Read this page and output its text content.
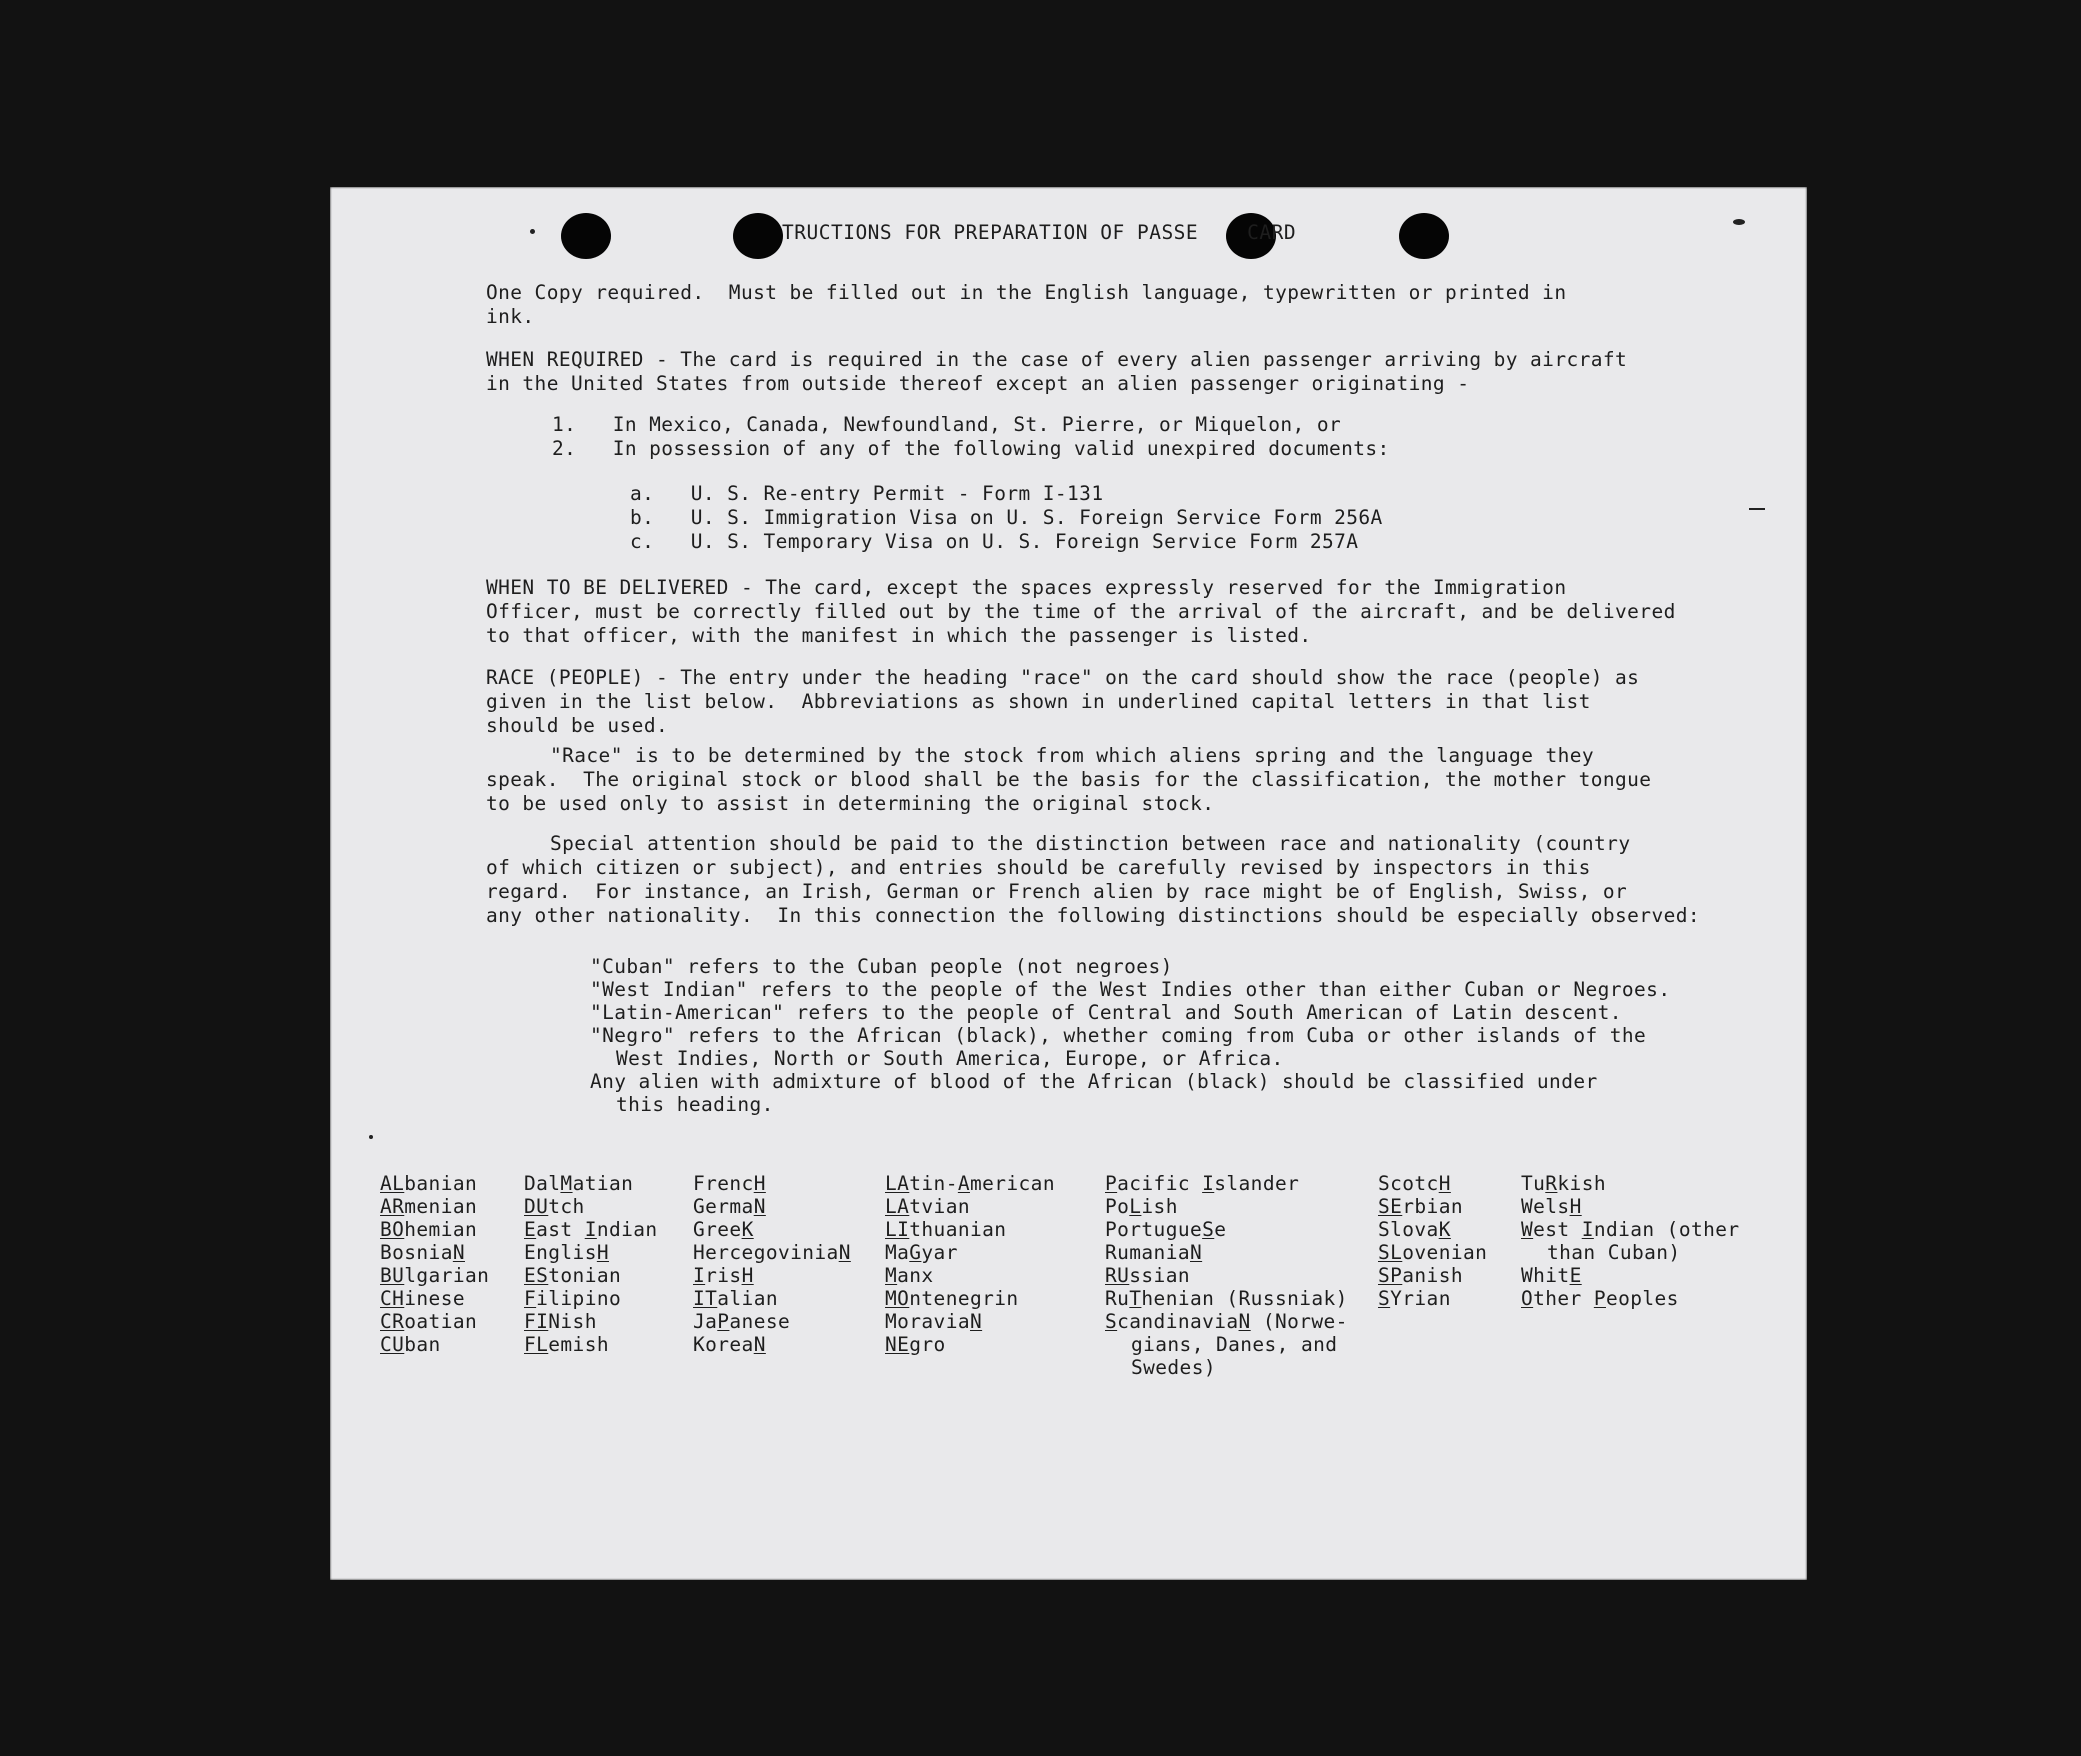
TRUCTIONS FOR PREPARATION OF PASSE    CARD
One Copy required.  Must be filled out in the English language, typewritten or printed in
ink.
WHEN REQUIRED - The card is required in the case of every alien passenger arriving by aircraft
in the United States from outside thereof except an alien passenger originating -
1.   In Mexico, Canada, Newfoundland, St. Pierre, or Miquelon, or
2.   In possession of any of the following valid unexpired documents:
a.   U. S. Re-entry Permit - Form I-131
b.   U. S. Immigration Visa on U. S. Foreign Service Form 256A
c.   U. S. Temporary Visa on U. S. Foreign Service Form 257A
WHEN TO BE DELIVERED - The card, except the spaces expressly reserved for the Immigration
Officer, must be correctly filled out by the time of the arrival of the aircraft, and be delivered
to that officer, with the manifest in which the passenger is listed.
RACE (PEOPLE) - The entry under the heading "race" on the card should show the race (people) as
given in the list below.  Abbreviations as shown in underlined capital letters in that list
should be used.
"Race" is to be determined by the stock from which aliens spring and the language they
speak.  The original stock or blood shall be the basis for the classification, the mother tongue
to be used only to assist in determining the original stock.
Special attention should be paid to the distinction between race and nationality (country
of which citizen or subject), and entries should be carefully revised by inspectors in this
regard.  For instance, an Irish, German or French alien by race might be of English, Swiss, or
any other nationality.  In this connection the following distinctions should be especially observed:
"Cuban" refers to the Cuban people (not negroes)
"West Indian" refers to the people of the West Indies other than either Cuban or Negroes.
"Latin-American" refers to the people of Central and South American of Latin descent.
"Negro" refers to the African (black), whether coming from Cuba or other islands of the
West Indies, North or South America, Europe, or Africa.
Any alien with admixture of blood of the African (black) should be classified under
this heading.
ALbanian
ARmenian
BOhemian
BosniaN
BUlgarian
CHinese
CRoatian
CUban
DalMatian
DUtch
East Indian
EnglisH
EStonian
Filipino
FINish
FLemish
FrencH
GermaN
GreeK
HercegoviniaN
IrisH
ITalian
JaPanese
KoreaN
LAtin-American
LAtvian
LIthuanian
MaGyar
Manx
MOntenegrin
MoraviaN
NEgro
Pacific Islander
PoLish
PortugueSe
RumaniaN
RUssian
RuThenian (Russniak)
ScandinaviaN (Norwe-
gians, Danes, and
Swedes)
ScotcH
SErbian
SlovaK
SLovenian
SPanish
SYrian
TuRkish
WelsH
West Indian (other
than Cuban)
WhitE
Other Peoples
